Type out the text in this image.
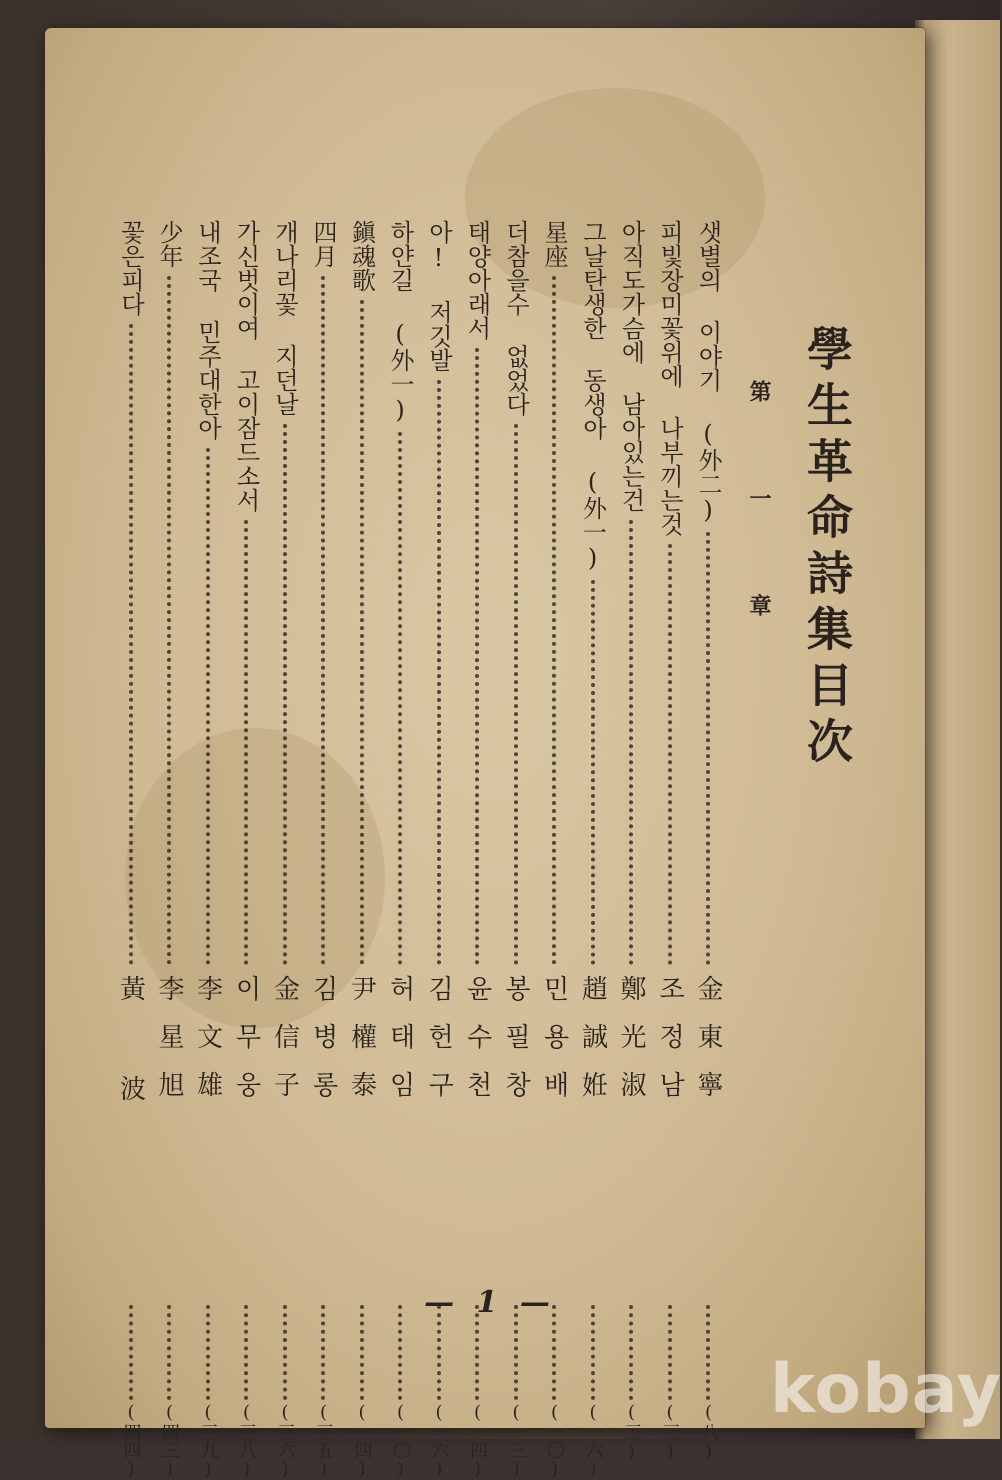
學生革命詩集目次
第一章
샛별의 이야기 (外二)
金東寧
(八)
피빛장미꽃위에 나부끼는것
조정남
(三)
아직도가슴에 남아있는건
鄭光淑
(三)
그날탄생한 동생아 (外一)
趙誠姙
(一六)
星座
민용배
(一〇)
더참을수 없었다
봉필창
(一三)
태양아래서
윤수천
(一四)
아! 저깃발
김헌구
(一六)
하얀길 (外一)
허태임
(一〇)
鎭魂歌
尹權泰
(一四)
四月
김병롱
(三五)
개나리꽃 지던날
金信子
(三六)
가신벗이여 고이잠드소서
이무웅
(三八)
내조국 민주대한아
李文雄
(三九)
少年
李星旭
(四三)
꽃은피다
黃 波
(四四)
— 1 —
kobay
